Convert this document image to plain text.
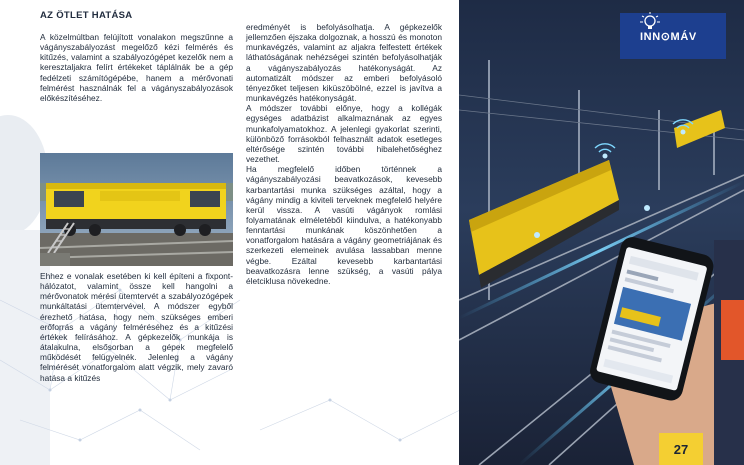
AZ ÖTLET HATÁSA

A közelmúltban felújított vonalakon megszűnne a vágányszabályozást megelőző kézi felmérés és kitűzés, valamint a szabályozógépet kezelők nem a keresztaljakra felírt értékeket táplálnák be a gép fedélzeti számítógépébe, hanem a mérővonati felmérést használnák fel a vágányszabályozások előkészítéséhez.

Ehhez e vonalak esetében ki kell építeni a fixpont-hálózatot, valamint össze kell hangolni a mérővonatok mérési ütemtervét a szabályozógépek munkáltatási ütemtervével. A módszer egyből érezhető hatása, hogy nem szükséges emberi erőforrás a vágány felméréséhez és a kitűzési értékek felírásához. A gépkezelők munkája is átalakulna, elsősorban a gépek megfelelő működését felügyelnék. Jelenleg a vágány felmérését vonatforgalom alatt végzik, mely zavaró hatása a kitűzés

eredményét is befolyásolhatja. A gépkezelők jellemzően éjszaka dolgoznak, a hosszú és monoton munkavégzés, valamint az aljakra felfestett értékek láthatóságának nehézségei szintén befolyásolhatják a vágányszabályozás hatékonyságát. Az automatizált módszer az emberi befolyásoló tényezőket teljesen kiküszöbölné, ezzel is javítva a munkavégzés hatékonyságát.

A módszer további előnye, hogy a kollégák egységes adatbázist alkalmaznának az egyes munkafolyamatokhoz. A jelenlegi gyakorlat szerinti, különböző forrásokból felhasznált adatok esetleges eltérősége szintén további hibalehetőséghez vezethet.

Ha megfelelő időben történnek a vágányszabályozási beavatkozások, kevesebb karbantartási munka szükséges azáltal, hogy a vágány mindig a kiviteli terveknek megfelelő helyére kerül vissza. A vasúti vágányok romlási folyamatának elméletéből kiindulva, a hatékonyabb fenntartási munkának köszönhetően a vonatforgalom hatására a vágány geometriájának és szerkezeti elemeinek avulása lassabban menne végbe. Ezáltal kevesebb karbantartási beavatkozásra lenne szükség, a vasúti pálya életciklusa növekedne.

INN⊙MÁV
27
